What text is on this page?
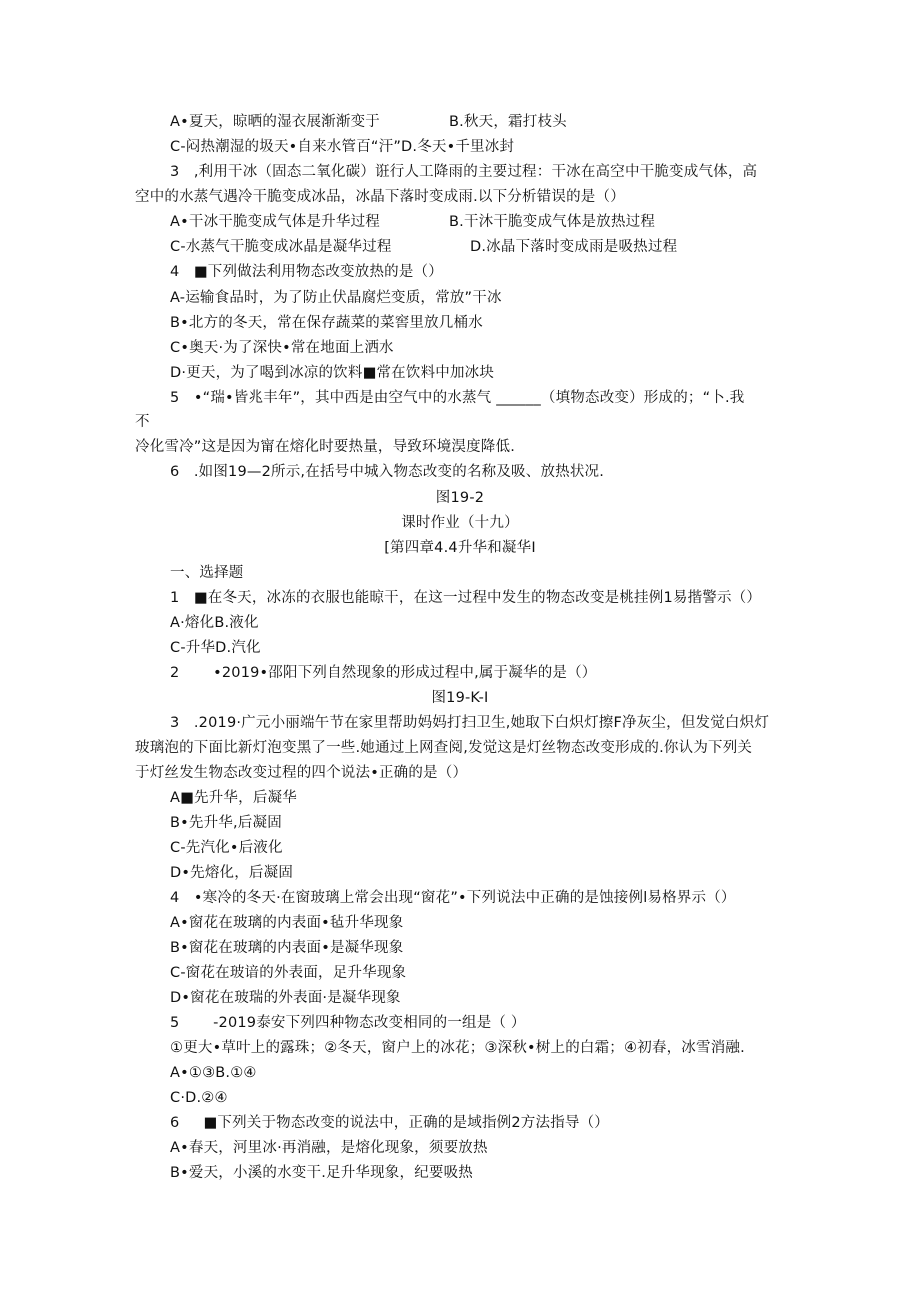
A•夏天，晾晒的湿衣展渐渐变于	B.秋天，霜打枝头
C-闷热潮湿的圾天•自来水管百“汗”D.冬天•千里冰封
3   ,利用干冰（固态二氧化碳）诳行人工降雨的主要过程：干冰在高空中干脆变成气体，高
空中的水蒸气遇冷干脆变成冰品，冰晶下落时变成雨.以下分析错误的是（）
A•干冰干脆变成气体是升华过程	B.干沐干脆变成气体是放热过程
C-水蒸气干脆变成冰晶是凝华过程	D.冰晶下落时变成雨是吸热过程
4   ■下列做法利用物态改变放热的是（）
A-运输食品时，为了防止伏晶腐烂变质，常放”干冰
B•北方的冬天，常在保存蔬菜的菜窖里放几桶水
C•奥天·为了深快•常在地面上洒水
D·更天，为了喝到冰凉的饮料■常在饮料中加冰块
5   •“瑞•皆兆丰年”，其中西是由空气中的水蒸气 ______（填物态改变）形成的；“卜.我
不
冷化雪冷”这是因为甯在熔化时要热量，导致环境淏度降低.
6   .如图19—2所示,在括号中城入物态改变的名称及吸、放热状况.
图19-2
课时作业（十九）
[第四章4.4升华和凝华I
一、选择题
1   ■在冬天，冰冻的衣服也能晾干，在这一过程中发生的物态改变是桃挂例1易揩警示（）
A·熔化B.液化
C-升华D.汽化
2       •2019•邵阳下列自然现象的形成过程中,属于凝华的是（）
图19-K-I
3   .2019·广元小丽端午节在家里帮助妈妈打扫卫生,她取下白炽灯擦F净灰尘，但发觉白炽灯
玻璃泡的下面比新灯泡变黑了一些.她通过上网查阅,发觉这是灯丝物态改变形成的.你认为下列关
于灯丝发生物态改变过程的四个说法•正确的是（）
A■先升华，后凝华
B•先升华,后凝固
C-先汽化•后液化
D•先熔化，后凝固
4   •寒冷的冬天·在窗玻璃上常会出现“窗花”•下列说法中正确的是蚀接例l易格界示（）
A•窗花在玻璃的内表面•毡升华现象
B•窗花在玻璃的内表面•是凝华现象
C-窗花在玻谙的外表面，足升华现象
D•窗花在玻瑞的外表面·是凝华现象
5       -2019泰安下列四种物态改变相同的一组是（ ）
①更大•草叶上的露珠；②冬天，窗户上的冰花；③深秋•树上的白霜；④初春，冰雪消融.
A•①③B.①④
C·D.②④
6     ■下列关于物态改变的说法中，正确的是域指例2方法指导（）
A•春天，河里冰·再消融，是熔化现象，须要放热
B•爱天，小溪的水变干.足升华现象，纪要吸热
